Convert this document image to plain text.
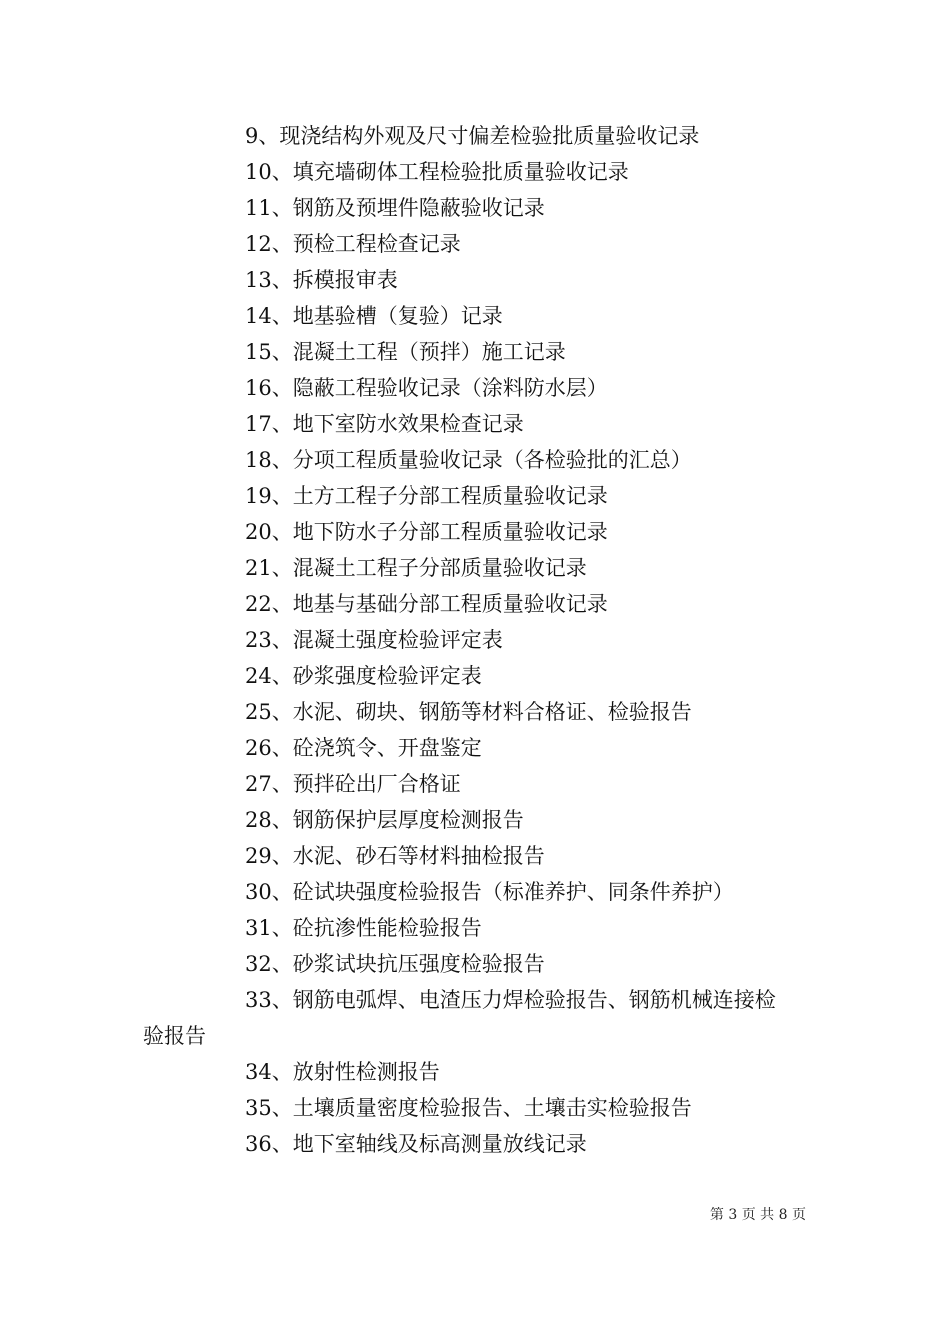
9、现浇结构外观及尺寸偏差检验批质量验收记录
10、填充墙砌体工程检验批质量验收记录
11、钢筋及预埋件隐蔽验收记录
12、预检工程检查记录
13、拆模报审表
14、地基验槽（复验）记录
15、混凝土工程（预拌）施工记录
16、隐蔽工程验收记录（涂料防水层）
17、地下室防水效果检查记录
18、分项工程质量验收记录（各检验批的汇总）
19、土方工程子分部工程质量验收记录
20、地下防水子分部工程质量验收记录
21、混凝土工程子分部质量验收记录
22、地基与基础分部工程质量验收记录
23、混凝土强度检验评定表
24、砂浆强度检验评定表
25、水泥、砌块、钢筋等材料合格证、检验报告
26、砼浇筑令、开盘鉴定
27、预拌砼出厂合格证
28、钢筋保护层厚度检测报告
29、水泥、砂石等材料抽检报告
30、砼试块强度检验报告（标准养护、同条件养护）
31、砼抗渗性能检验报告
32、砂浆试块抗压强度检验报告
33、钢筋电弧焊、电渣压力焊检验报告、钢筋机械连接检
验报告
34、放射性检测报告
35、土壤质量密度检验报告、土壤击实检验报告
36、地下室轴线及标高测量放线记录
第 3 页 共 8 页
